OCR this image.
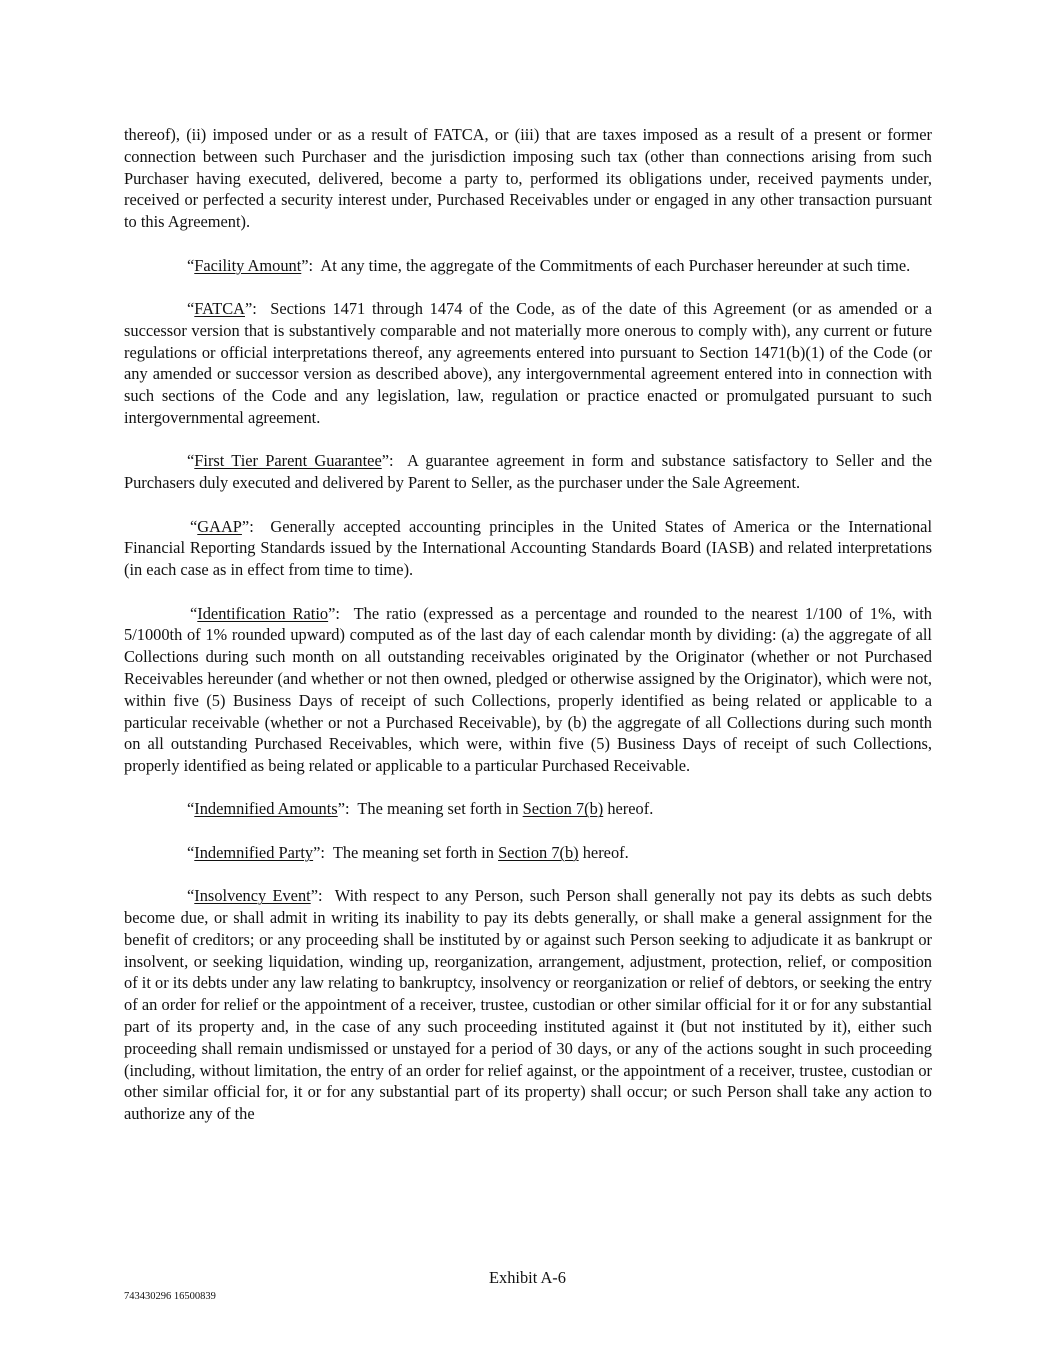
thereof), (ii) imposed under or as a result of FATCA, or (iii) that are taxes imposed as a result of a present or former connection between such Purchaser and the jurisdiction imposing such tax (other than connections arising from such Purchaser having executed, delivered, become a party to, performed its obligations under, received payments under, received or perfected a security interest under, Purchased Receivables under or engaged in any other transaction pursuant to this Agreement).

“Facility Amount”:  At any time, the aggregate of the Commitments of each Purchaser hereunder at such time.

“FATCA”:  Sections 1471 through 1474 of the Code, as of the date of this Agreement (or as amended or a successor version that is substantively comparable and not materially more onerous to comply with), any current or future regulations or official interpretations thereof, any agreements entered into pursuant to Section 1471(b)(1) of the Code (or any amended or successor version as described above), any intergovernmental agreement entered into in connection with such sections of the Code and any legislation, law, regulation or practice enacted or promulgated pursuant to such intergovernmental agreement.

“First Tier Parent Guarantee”:  A guarantee agreement in form and substance satisfactory to Seller and the Purchasers duly executed and delivered by Parent to Seller, as the purchaser under the Sale Agreement.

“GAAP”:  Generally accepted accounting principles in the United States of America or the International Financial Reporting Standards issued by the International Accounting Standards Board (IASB) and related interpretations (in each case as in effect from time to time).

“Identification Ratio”:  The ratio (expressed as a percentage and rounded to the nearest 1/100 of 1%, with 5/1000th of 1% rounded upward) computed as of the last day of each calendar month by dividing: (a) the aggregate of all Collections during such month on all outstanding receivables originated by the Originator (whether or not Purchased Receivables hereunder (and whether or not then owned, pledged or otherwise assigned by the Originator), which were not, within five (5) Business Days of receipt of such Collections, properly identified as being related or applicable to a particular receivable (whether or not a Purchased Receivable), by (b) the aggregate of all Collections during such month on all outstanding Purchased Receivables, which were, within five (5) Business Days of receipt of such Collections, properly identified as being related or applicable to a particular Purchased Receivable.

“Indemnified Amounts”:  The meaning set forth in Section 7(b) hereof.

“Indemnified Party”:  The meaning set forth in Section 7(b) hereof.

“Insolvency Event”:  With respect to any Person, such Person shall generally not pay its debts as such debts become due, or shall admit in writing its inability to pay its debts generally, or shall make a general assignment for the benefit of creditors; or any proceeding shall be instituted by or against such Person seeking to adjudicate it as bankrupt or insolvent, or seeking liquidation, winding up, reorganization, arrangement, adjustment, protection, relief, or composition of it or its debts under any law relating to bankruptcy, insolvency or reorganization or relief of debtors, or seeking the entry of an order for relief or the appointment of a receiver, trustee, custodian or other similar official for it or for any substantial part of its property and, in the case of any such proceeding instituted against it (but not instituted by it), either such proceeding shall remain undismissed or unstayed for a period of 30 days, or any of the actions sought in such proceeding (including, without limitation, the entry of an order for relief against, or the appointment of a receiver, trustee, custodian or other similar official for, it or for any substantial part of its property) shall occur; or such Person shall take any action to authorize any of the

Exhibit A-6
743430296 16500839
